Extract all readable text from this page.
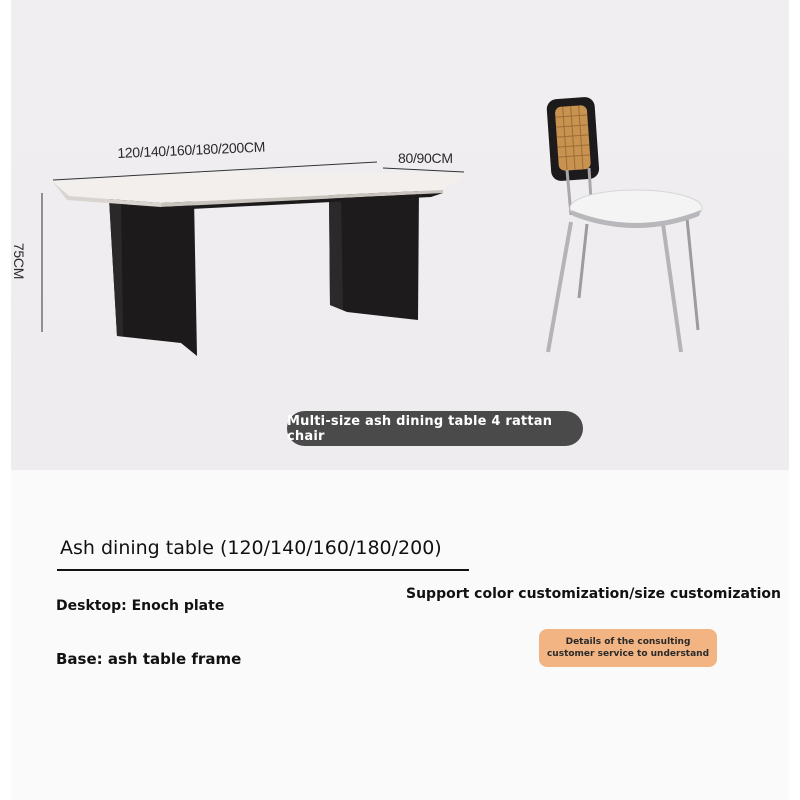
120/140/160/180/200CM	80/90CM
75CM
Multi-size ash dining table 4 rattan chair
Ash dining table (120/140/160/180/200)
Desktop: Enoch plate
Base: ash table frame
Support color customization/size customization
Details of the consulting
customer service to understand
